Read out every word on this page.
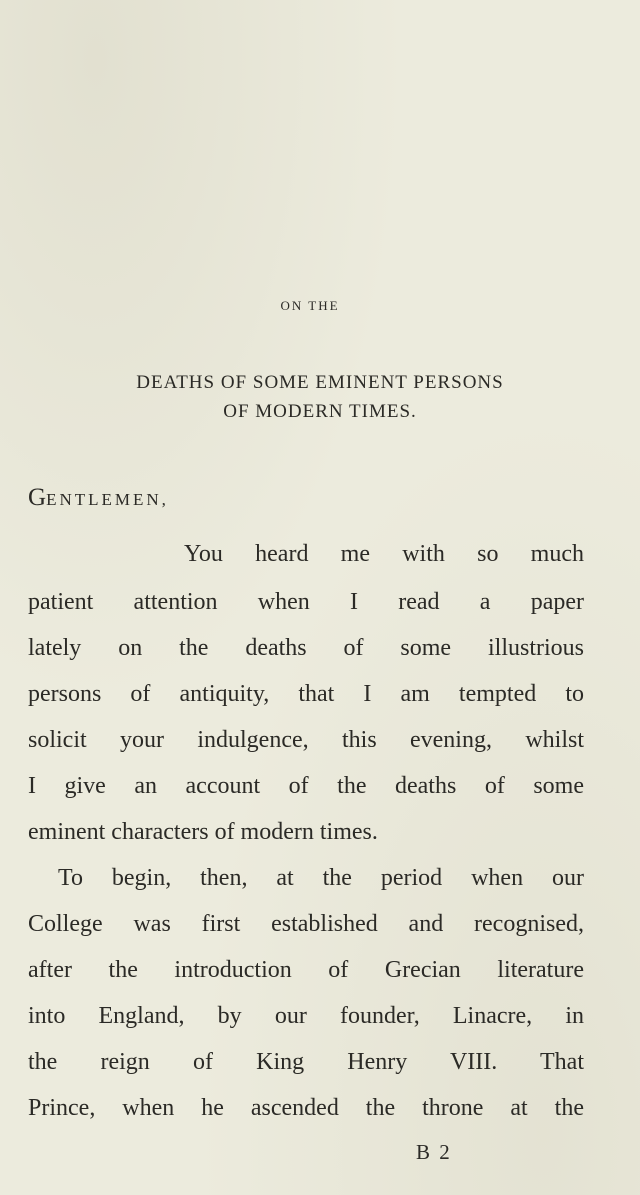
ON THE
DEATHS OF SOME EMINENT PERSONS
OF MODERN TIMES.
GENTLEMEN,
You heard me with so much
patient attention when I read a paper
lately on the deaths of some illustrious
persons of antiquity, that I am tempted to
solicit your indulgence, this evening, whilst
I give an account of the deaths of some
eminent characters of modern times.
To begin, then, at the period when our
College was first established and recognised,
after the introduction of Grecian literature
into England, by our founder, Linacre, in
the reign of King Henry VIII. That
Prince, when he ascended the throne at the
B 2
